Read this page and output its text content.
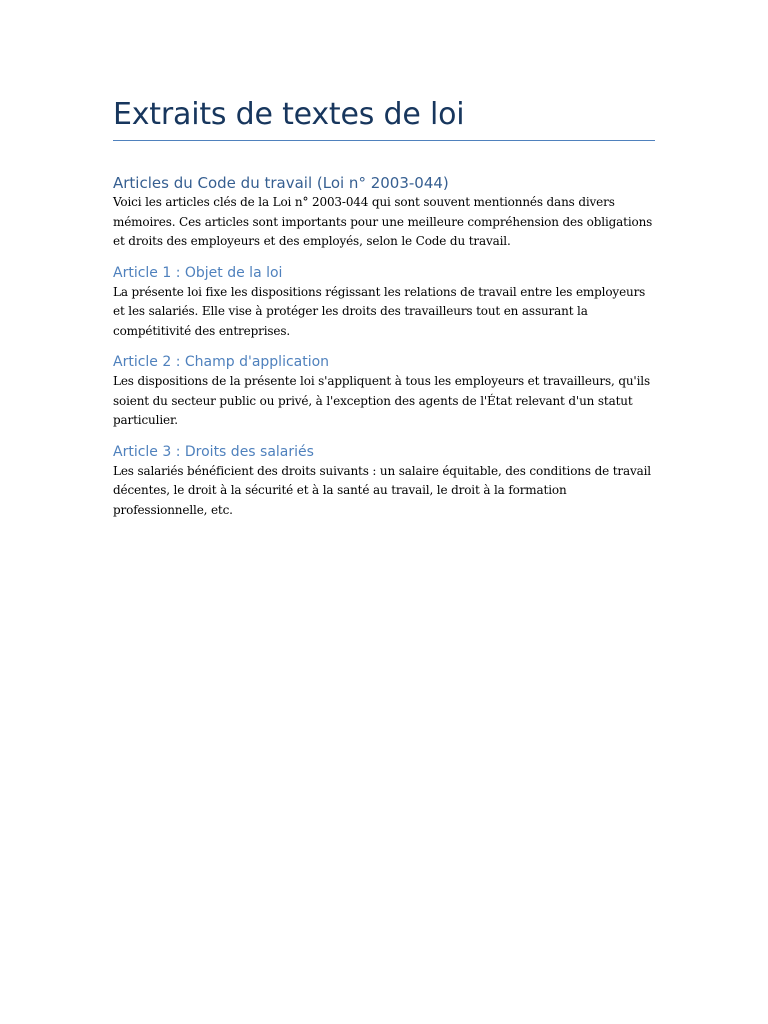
Extraits de textes de loi
Articles du Code du travail (Loi n° 2003-044)

Voici les articles clés de la Loi n° 2003-044 qui sont souvent mentionnés dans divers mémoires. Ces articles sont importants pour une meilleure compréhension des obligations et droits des employeurs et des employés, selon le Code du travail.

Article 1 : Objet de la loi

La présente loi fixe les dispositions régissant les relations de travail entre les employeurs et les salariés. Elle vise à protéger les droits des travailleurs tout en assurant la compétitivité des entreprises.

Article 2 : Champ d'application

Les dispositions de la présente loi s'appliquent à tous les employeurs et travailleurs, qu'ils soient du secteur public ou privé, à l'exception des agents de l'État relevant d'un statut particulier.

Article 3 : Droits des salariés

Les salariés bénéficient des droits suivants : un salaire équitable, des conditions de travail décentes, le droit à la sécurité et à la santé au travail, le droit à la formation professionnelle, etc.
